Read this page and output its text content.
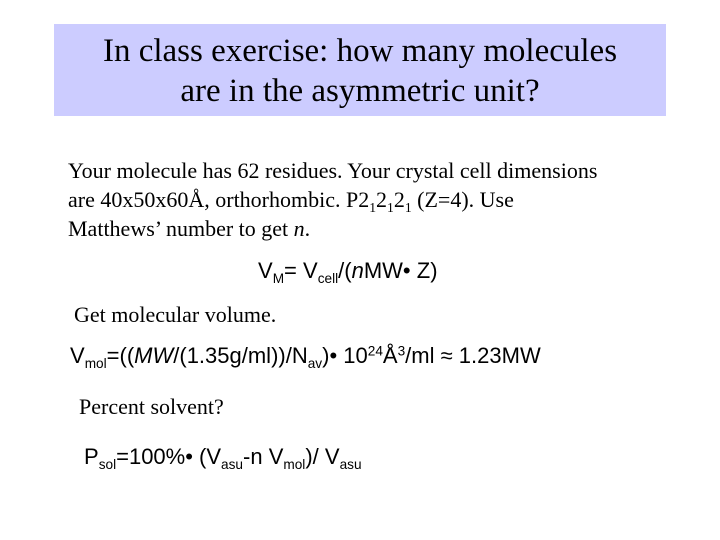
In class exercise: how many molecules
are in the asymmetric unit?
Your molecule has 62 residues. Your crystal cell dimensions
are 40x50x60Å, orthorhombic. $P2_12_12_1$ (Z=4). Use
Matthews’ number to get n.
$V_M=$ $V_{cell}/(nMW•$ Z)
Get molecular volume.
$V_{mol}=((MW/(1.35g/ml))/N_{av})•$ $10^{24}Å^3/ml \approx 1.23MW$
Percent solvent?
$P_{sol}=100\%•$ ($V_{asu}-n$ $V_{mol})/$ $V_{asu}$
